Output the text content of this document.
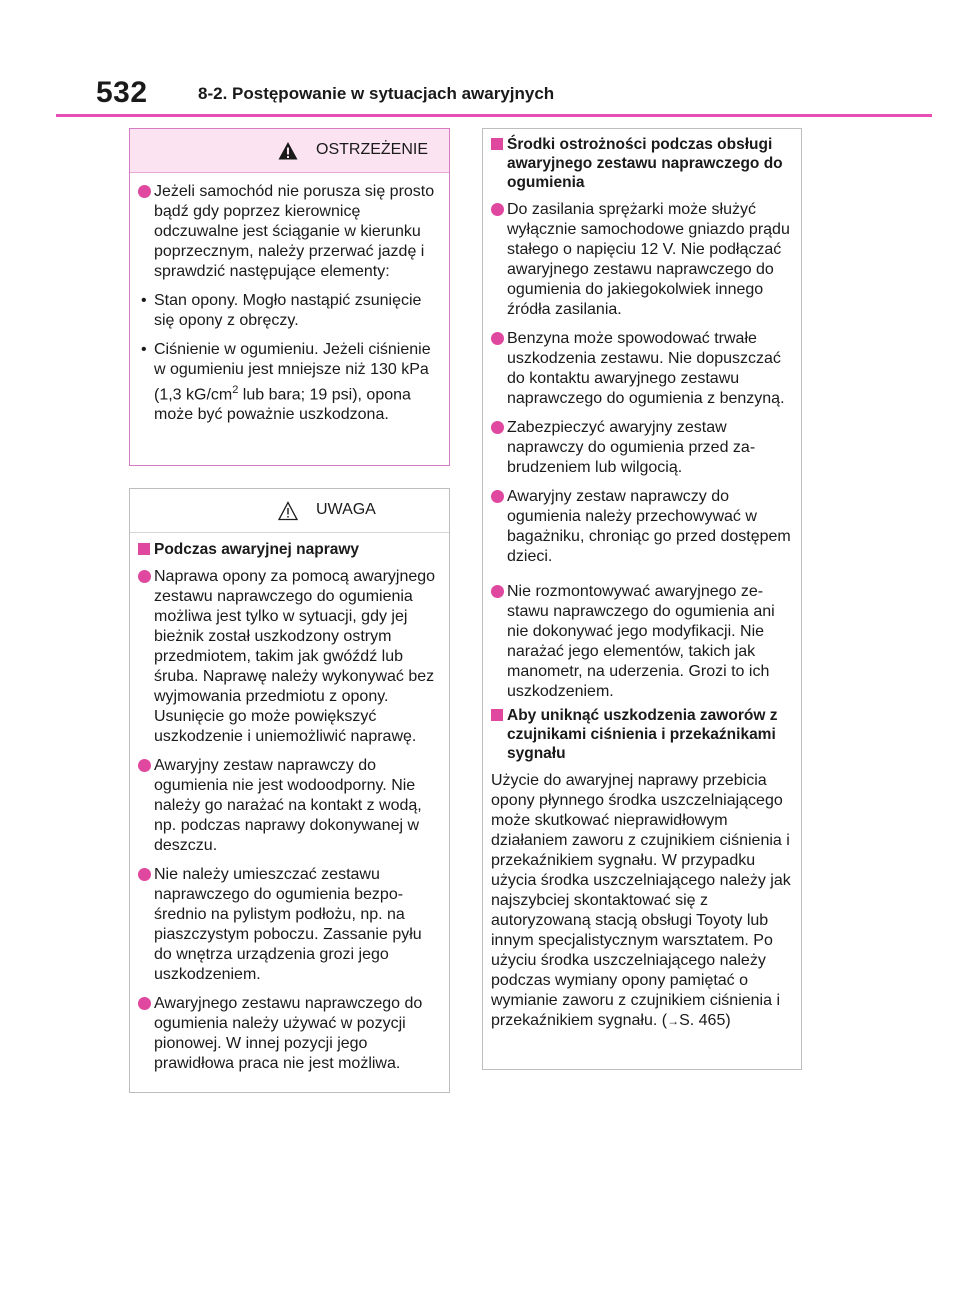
532	8-2. Postępowanie w sytuacjach awaryjnych
OSTRZEŻENIE
Jeżeli samochód nie porusza się prosto bądź gdy poprzez kierownicę odczuwalne jest ściąganie w kierunku poprzecznym, należy przerwać jazdę i sprawdzić następujące elementy:
• Stan opony. Mogło nastąpić zsunięcie się opony z obręczy.
• Ciśnienie w ogumieniu. Jeżeli ciśnienie w ogumieniu jest mniejsze niż 130 kPa (1,3 $kG/cm^2$ lub bara; 19 psi), opona może być poważnie uszkodzona.
UWAGA
Podczas awaryjnej naprawy
Naprawa opony za pomocą awaryjnego zestawu naprawczego do ogumienia możliwa jest tylko w sytuacji, gdy jej bieżnik został uszkodzony ostrym przedmiotem, takim jak gwóźdź lub śruba. Naprawę należy wykonywać bez wyjmowania przedmiotu z opony. Usunięcie go może powiększyć uszkodzenie i uniemożliwić naprawę.
Awaryjny zestaw naprawczy do ogumienia nie jest wodoodporny. Nie należy go narażać na kontakt z wodą, np. podczas naprawy dokonywanej w deszczu.
Nie należy umieszczać zestawu naprawczego do ogumienia bezpośrednio na pylistym podłożu, np. na piaszczystym poboczu. Zassanie pyłu do wnętrza urządzenia grozi jego uszkodzeniem.
Awaryjnego zestawu naprawczego do ogumienia należy używać w pozycji pionowej. W innej pozycji jego prawidłowa praca nie jest możliwa.
Środki ostrożności podczas obsługi awaryjnego zestawu naprawczego do ogumienia
Do zasilania sprężarki może służyć wyłącznie samochodowe gniazdo prądu stałego o napięciu 12 V. Nie podłączać awaryjnego zestawu naprawczego do ogumienia do jakiegokolwiek innego źródła zasilania.
Benzyna może spowodować trwałe uszkodzenia zestawu. Nie dopuszczać do kontaktu awaryjnego zestawu naprawczego do ogumienia z benzyną.
Zabezpieczyć awaryjny zestaw naprawczy do ogumienia przed zabrudzeniem lub wilgocią.
Awaryjny zestaw naprawczy do ogumienia należy przechowywać w bagażniku, chroniąc go przed dostępem dzieci.
Nie rozmontowywać awaryjnego zestawu naprawczego do ogumienia ani nie dokonywać jego modyfikacji. Nie narażać jego elementów, takich jak manometr, na uderzenia. Grozi to ich uszkodzeniem.
Aby uniknąć uszkodzenia zaworów z czujnikami ciśnienia i przekaźnikami sygnału
Użycie do awaryjnej naprawy przebicia opony płynnego środka uszczelniającego może skutkować nieprawidłowym działaniem zaworu z czujnikiem ciśnienia i przekaźnikiem sygnału. W przypadku użycia środka uszczelniającego należy jak najszybciej skontaktować się z autoryzowaną stacją obsługi Toyoty lub innym specjalistycznym warsztatem. Po użyciu środka uszczelniającego należy podczas wymiany opony pamiętać o wymianie zaworu z czujnikiem ciśnienia i przekaźnikiem sygnału. (→S. 465)
